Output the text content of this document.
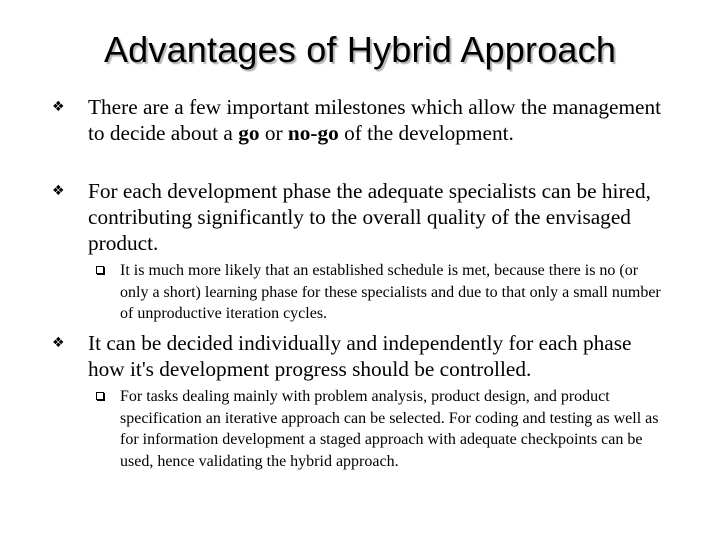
Advantages of Hybrid Approach
❖	There are a few important milestones which allow the management to decide about a go or no-go of the development.
❖	For each development phase the adequate specialists can be hired, contributing significantly to the overall quality of the envisaged product.
It is much more likely that an established schedule is met, because there is no (or only a short) learning phase for these specialists and due to that only a small number of unproductive iteration cycles.
❖	It can be decided individually and independently for each phase how it's development progress should be controlled.
For tasks dealing mainly with problem analysis, product design, and product specification an iterative approach can be selected. For coding and testing as well as for information development a staged approach with adequate checkpoints can be used, hence validating the hybrid approach.
